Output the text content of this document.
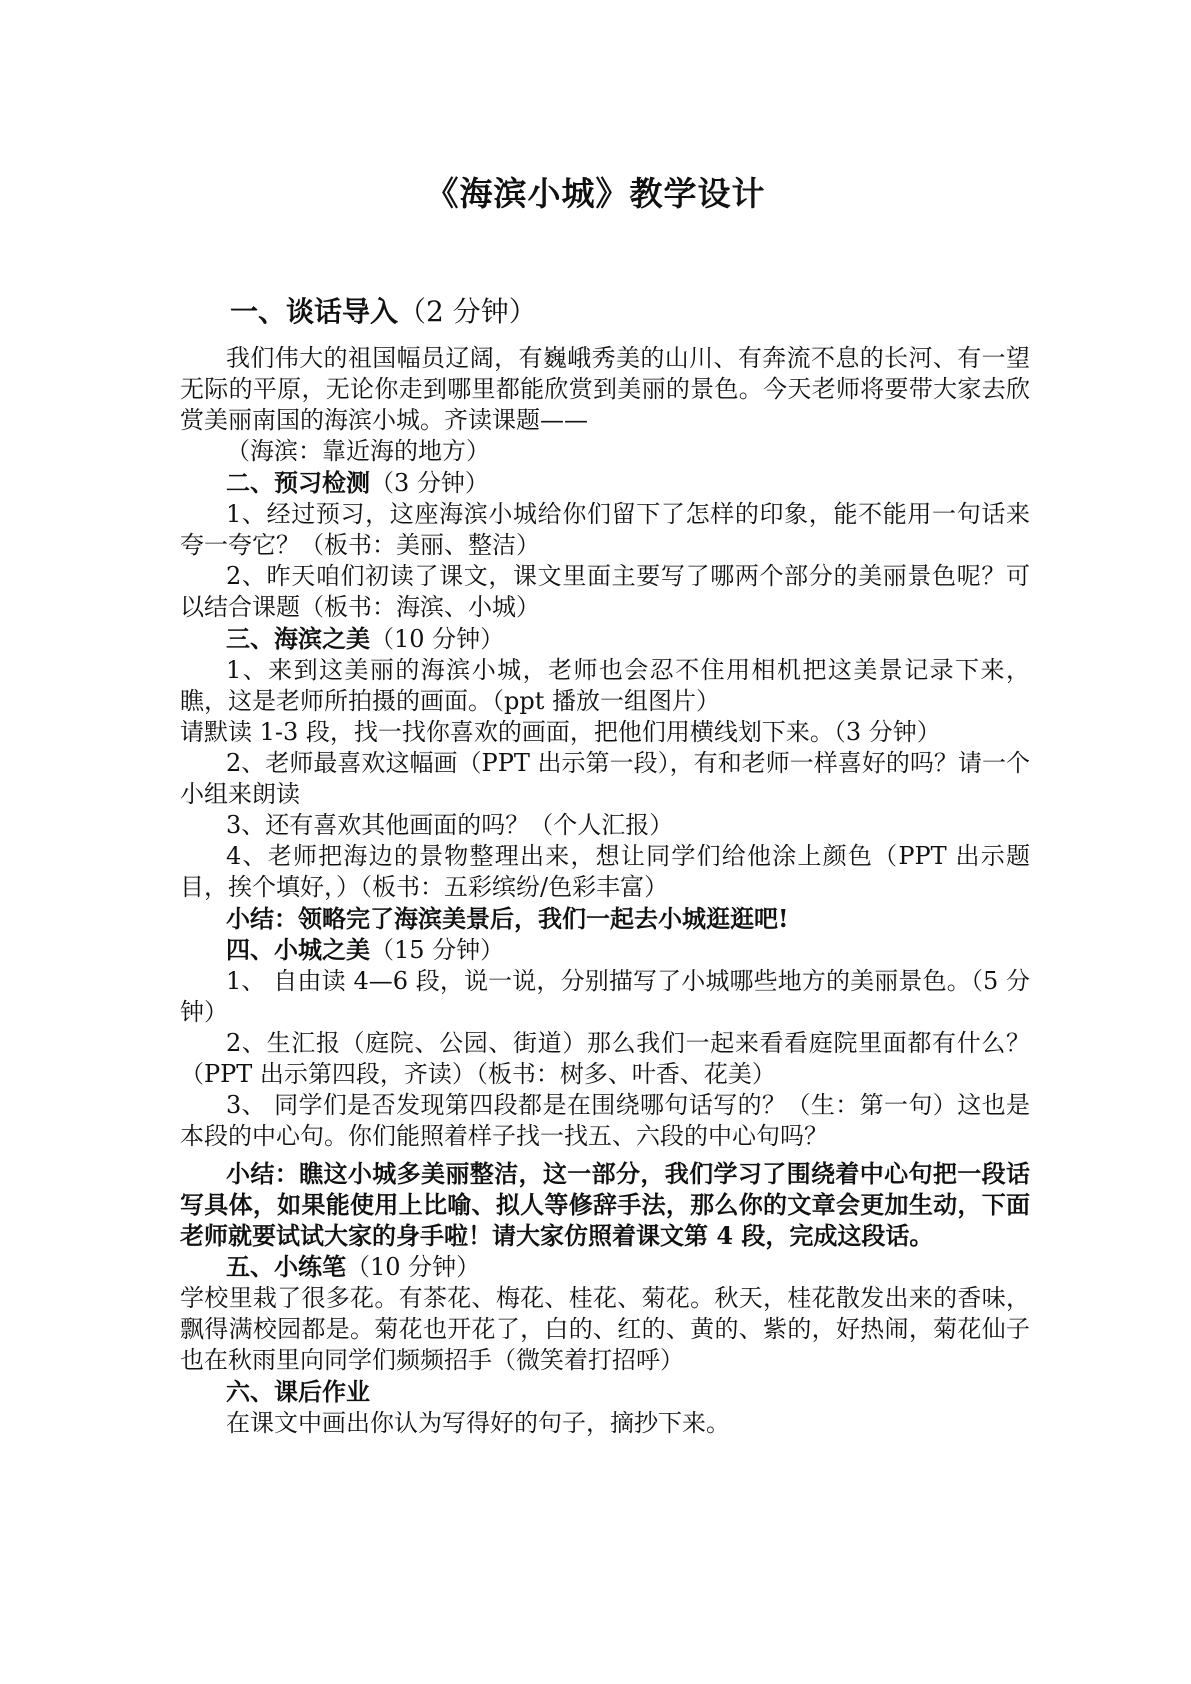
《海滨小城》教学设计
一、谈话导入（2 分钟）

我们伟大的祖国幅员辽阔，有巍峨秀美的山川、有奔流不息的长河、有一望无际的平原，无论你走到哪里都能欣赏到美丽的景色。今天老师将要带大家去欣赏美丽南国的海滨小城。齐读课题——

（海滨：靠近海的地方）

二、预习检测（3 分钟）

1、经过预习，这座海滨小城给你们留下了怎样的印象，能不能用一句话来夸一夸它？（板书：美丽、整洁）

2、昨天咱们初读了课文，课文里面主要写了哪两个部分的美丽景色呢？可以结合课题（板书：海滨、小城）

三、海滨之美（10 分钟）

1、来到这美丽的海滨小城，老师也会忍不住用相机把这美景记录下来，瞧，这是老师所拍摄的画面。（ppt 播放一组图片）

请默读 1-3 段，找一找你喜欢的画面，把他们用横线划下来。（3 分钟）

2、老师最喜欢这幅画（PPT 出示第一段），有和老师一样喜好的吗？请一个小组来朗读

3、还有喜欢其他画面的吗？（个人汇报）

4、老师把海边的景物整理出来，想让同学们给他涂上颜色（PPT 出示题目，挨个填好，）（板书：五彩缤纷/色彩丰富）

小结：领略完了海滨美景后，我们一起去小城逛逛吧!

四、小城之美（15 分钟）

1、 自由读 4—6 段，说一说，分别描写了小城哪些地方的美丽景色。（5 分钟）

2、生汇报（庭院、公园、街道）那么我们一起来看看庭院里面都有什么？（PPT 出示第四段，齐读）（板书：树多、叶香、花美）

3、 同学们是否发现第四段都是在围绕哪句话写的？（生：第一句）这也是本段的中心句。你们能照着样子找一找五、六段的中心句吗？

小结：瞧这小城多美丽整洁，这一部分，我们学习了围绕着中心句把一段话写具体，如果能使用上比喻、拟人等修辞手法，那么你的文章会更加生动，下面老师就要试试大家的身手啦！请大家仿照着课文第 4 段，完成这段话。

五、小练笔（10 分钟）

学校里栽了很多花。有茶花、梅花、桂花、菊花。秋天，桂花散发出来的香味，飘得满校园都是。菊花也开花了，白的、红的、黄的、紫的，好热闹，菊花仙子也在秋雨里向同学们频频招手（微笑着打招呼）

六、课后作业

在课文中画出你认为写得好的句子，摘抄下来。
